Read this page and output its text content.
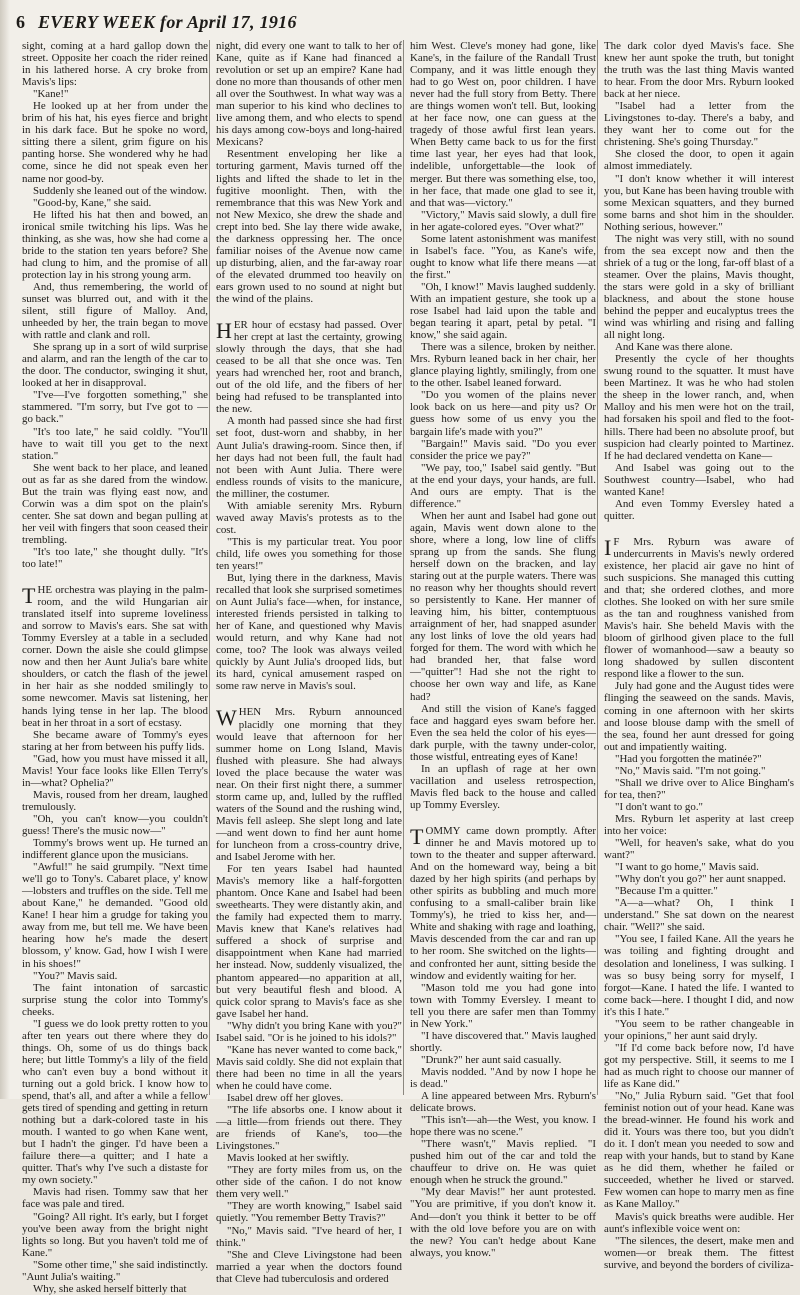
6 EVERY WEEK for April 17, 1916

sight, coming at a hard gallop down the street. Opposite her coach the rider reined in his lathered horse. A cry broke from Mavis's lips:

"Kane!"

He looked up at her from under the brim of his hat, his eyes fierce and bright in his dark face. But he spoke no word, sitting there a silent, grim figure on his panting horse. She wondered why he had come, since he did not speak even her name nor good-by.

Suddenly she leaned out of the window.

"Good-by, Kane," she said.

He lifted his hat then and bowed, an ironical smile twitching his lips. Was he thinking, as she was, how she had come a bride to the station ten years before? She had clung to him, and the promise of all protection lay in his strong young arm.

And, thus remembering, the world of sunset was blurred out, and with it the silent, still figure of Malloy. And, unheeded by her, the train began to move with rattle and clank and roll.

She sprang up in a sort of wild surprise and alarm, and ran the length of the car to the door. The conductor, swinging it shut, looked at her in disapproval.

"I've—I've forgotten something," she stammered. "I'm sorry, but I've got to —go back."

"It's too late," he said coldly. "You'll have to wait till you get to the next station."

She went back to her place, and leaned out as far as she dared from the window. But the train was flying east now, and Corwin was a dim spot on the plain's center. She sat down and began pulling at her veil with fingers that soon ceased their trembling.

"It's too late," she thought dully. "It's too late!"

THE orchestra was playing in the palm-room, and the wild Hungarian air translated itself into supreme loveliness and sorrow to Mavis's ears. She sat with Tommy Eversley at a table in a secluded corner. Down the aisle she could glimpse now and then her Aunt Julia's bare white shoulders, or catch the flash of the jewel in her hair as she nodded smilingly to some newcomer. Mavis sat listening, her hands lying tense in her lap. The blood beat in her throat in a sort of ecstasy.

She became aware of Tommy's eyes staring at her from between his puffy lids.

"Gad, how you must have missed it all, Mavis! Your face looks like Ellen Terry's in—what? Ophelia?"

Mavis, roused from her dream, laughed tremulously.

"Oh, you can't know—you couldn't guess! There's the music now—"

Tommy's brows went up. He turned an indifferent glance upon the musicians.

"Awful!" he said grumpily. "Next time we'll go to Tony's. Cabaret place, y' know—lobsters and truffles on the side. Tell me about Kane," he demanded. "Good old Kane! I hear him a grudge for taking you away from me, but tell me. We have been hearing how he's made the desert blossom, y' know. Gad, how I wish I were in his shoes!"

"You?" Mavis said.

The faint intonation of sarcastic surprise stung the color into Tommy's cheeks.

"I guess we do look pretty rotten to you after ten years out there where they do things. Oh, some of us do things back here; but little Tommy's a lily of the field who can't even buy a bond without it turning out a gold brick. I know how to spend, that's all, and after a while a fellow gets tired of spending and getting in return nothing but a dark-colored taste in his mouth. I wanted to go when Kane went, but I hadn't the ginger. I'd have been a failure there—a quitter; and I hate a quitter. That's why I've such a distaste for my own society."

Mavis had risen. Tommy saw that her face was pale and tired.

"Going? All right. It's early, but I forget you've been away from the bright night lights so long. But you haven't told me of Kane."

"Some other time," she said indistinctly. "Aunt Julia's waiting."

Why, she asked herself bitterly that

night, did every one want to talk to her of Kane, quite as if Kane had financed a revolution or set up an empire? Kane had done no more than thousands of other men all over the Southwest. In what way was a man superior to his kind who declines to live among them, and who elects to spend his days among cow-boys and long-haired Mexicans?

Resentment enveloping her like a torturing garment, Mavis turned off the lights and lifted the shade to let in the fugitive moonlight. Then, with the remembrance that this was New York and not New Mexico, she drew the shade and crept into bed. She lay there wide awake, the darkness oppressing her. The once familiar noises of the Avenue now came up disturbing, alien, and the far-away roar of the elevated drummed too heavily on ears grown used to no sound at night but the wind of the plains.

HER hour of ecstasy had passed. Over her crept at last the certainty, growing slowly through the days, that she had ceased to be all that she once was. Ten years had wrenched her, root and branch, out of the old life, and the fibers of her being had refused to be transplanted into the new.

A month had passed since she had first set foot, dust-worn and shabby, in her Aunt Julia's drawing-room. Since then, if her days had not been full, the fault had not been with Aunt Julia. There were endless rounds of visits to the manicure, the milliner, the costumer.

With amiable serenity Mrs. Ryburn waved away Mavis's protests as to the cost.

"This is my particular treat. You poor child, life owes you something for those ten years!"

But, lying there in the darkness, Mavis recalled that look she surprised sometimes on Aunt Julia's face—when, for instance, interested friends persisted in talking to her of Kane, and questioned why Mavis would return, and why Kane had not come, too? The look was always veiled quickly by Aunt Julia's drooped lids, but its hard, cynical amusement rasped on some raw nerve in Mavis's soul.

WHEN Mrs. Ryburn announced placidly one morning that they would leave that afternoon for her summer home on Long Island, Mavis flushed with pleasure. She had always loved the place because the water was near. On their first night there, a summer storm came up, and, lulled by the ruffled waters of the Sound and the rushing wind, Mavis fell asleep. She slept long and late—and went down to find her aunt home for luncheon from a cross-country drive, and Isabel Jerome with her.

For ten years Isabel had haunted Mavis's memory like a half-forgotten phantom. Once Kane and Isabel had been sweethearts. They were distantly akin, and the family had expected them to marry. Mavis knew that Kane's relatives had suffered a shock of surprise and disappointment when Kane had married her instead. Now, suddenly visualized, the phantom appeared—no apparition at all, but very beautiful flesh and blood. A quick color sprang to Mavis's face as she gave Isabel her hand.

"Why didn't you bring Kane with you?" Isabel said. "Or is he joined to his idols?"

"Kane has never wanted to come back," Mavis said coldly. She did not explain that there had been no time in all the years when he could have come.

Isabel drew off her gloves.

"The life absorbs one. I know about it—a little—from friends out there. They are friends of Kane's, too—the Livingstones."

Mavis looked at her swiftly.

"They are forty miles from us, on the other side of the cañon. I do not know them very well."

"They are worth knowing," Isabel said quietly. "You remember Betty Travis?"

"No," Mavis said. "I've heard of her, I think."

"She and Cleve Livingstone had been married a year when the doctors found that Cleve had tuberculosis and ordered

him West. Cleve's money had gone, like Kane's, in the failure of the Randall Trust Company, and it was little enough they had to go West on, poor children. I have never had the full story from Betty. There are things women won't tell. But, looking at her face now, one can guess at the tragedy of those awful first lean years. When Betty came back to us for the first time last year, her eyes had that look, indelible, unforgettable—the look of merger. But there was something else, too, in her face, that made one glad to see it, and that was—victory."

"Victory," Mavis said slowly, a dull fire in her agate-colored eyes. "Over what?"

Some latent astonishment was manifest in Isabel's face. "You, as Kane's wife, ought to know what life there means —at the first."

"Oh, I know!" Mavis laughed suddenly. With an impatient gesture, she took up a rose Isabel had laid upon the table and began tearing it apart, petal by petal. "I know," she said again.

There was a silence, broken by neither. Mrs. Ryburn leaned back in her chair, her glance playing lightly, smilingly, from one to the other. Isabel leaned forward.

"Do you women of the plains never look back on us here—and pity us? Or guess how some of us envy you the bargain life's made with you?"

"Bargain!" Mavis said. "Do you ever consider the price we pay?"

"We pay, too," Isabel said gently. "But at the end your days, your hands, are full. And ours are empty. That is the difference."

When her aunt and Isabel had gone out again, Mavis went down alone to the shore, where a long, low line of cliffs sprang up from the sands. She flung herself down on the bracken, and lay staring out at the purple waters. There was no reason why her thoughts should revert so persistently to Kane. Her manner of leaving him, his bitter, contemptuous arraignment of her, had snapped asunder any lost links of love the old years had forged for them. The word with which he had branded her, that false word—"quitter"! Had she not the right to choose her own way and life, as Kane had?

And still the vision of Kane's fagged face and haggard eyes swam before her. Even the sea held the color of his eyes—dark purple, with the tawny under-color, those wistful, entreating eyes of Kane!

In an upflash of rage at her own vacillation and useless retrospection, Mavis fled back to the house and called up Tommy Eversley.

TOMMY came down promptly. After dinner he and Mavis motored up to town to the theater and supper afterward. And on the homeward way, being a bit dazed by her high spirits (and perhaps by other spirits as bubbling and much more confusing to a small-caliber brain like Tommy's), he tried to kiss her, and— White and shaking with rage and loathing, Mavis descended from the car and ran up to her room. She switched on the lights—and confronted her aunt, sitting beside the window and evidently waiting for her.

"Mason told me you had gone into town with Tommy Eversley. I meant to tell you there are safer men than Tommy in New York."

"I have discovered that." Mavis laughed shortly.

"Drunk?" her aunt said casually.

Mavis nodded. "And by now I hope he is dead."

A line appeared between Mrs. Ryburn's delicate brows.

"This isn't—ah—the West, you know. I hope there was no scene."

"There wasn't," Mavis replied. "I pushed him out of the car and told the chauffeur to drive on. He was quiet enough when he struck the ground."

"My dear Mavis!" her aunt protested. "You are primitive, if you don't know it. And—don't you think it better to be off with the old love before you are on with the new? You can't hedge about Kane always, you know."

The dark color dyed Mavis's face. She knew her aunt spoke the truth, but tonight the truth was the last thing Mavis wanted to hear. From the door Mrs. Ryburn looked back at her niece.

"Isabel had a letter from the Livingstones to-day. There's a baby, and they want her to come out for the christening. She's going Thursday."

She closed the door, to open it again almost immediately.

"I don't know whether it will interest you, but Kane has been having trouble with some Mexican squatters, and they burned some barns and shot him in the shoulder. Nothing serious, however."

The night was very still, with no sound from the sea except now and then the shriek of a tug or the long, far-off blast of a steamer. Over the plains, Mavis thought, the stars were gold in a sky of brilliant blackness, and about the stone house behind the pepper and eucalyptus trees the wind was whirling and rising and falling all night long.

And Kane was there alone.

Presently the cycle of her thoughts swung round to the squatter. It must have been Martinez. It was he who had stolen the sheep in the lower ranch, and, when Malloy and his men were hot on the trail, had forsaken his spoil and fled to the foot-hills. There had been no absolute proof, but suspicion had clearly pointed to Martinez. If he had declared vendetta on Kane—

And Isabel was going out to the Southwest country—Isabel, who had wanted Kane!

And even Tommy Eversley hated a quitter.

I F Mrs. Ryburn was aware of undercurrents in Mavis's newly ordered existence, her placid air gave no hint of such suspicions. She managed this cutting and that; she ordered clothes, and more clothes. She looked on with her sure smile as the tan and roughness vanished from Mavis's hair. She beheld Mavis with the bloom of girlhood given place to the full flower of womanhood—saw a beauty so long shadowed by sullen discontent respond like a flower to the sun.

July had gone and the August tides were flinging the seaweed on the sands. Mavis, coming in one afternoon with her skirts and loose blouse damp with the smell of the sea, found her aunt dressed for going out and impatiently waiting.

"Had you forgotten the matinée?"

"No," Mavis said. "I'm not going."

"Shall we drive over to Alice Bingham's for tea, then?"

"I don't want to go."

Mrs. Ryburn let asperity at last creep into her voice:

"Well, for heaven's sake, what do you want?"

"I want to go home," Mavis said.

"Why don't you go?" her aunt snapped.

"Because I'm a quitter."

"A—a—what? Oh, I think I understand." She sat down on the nearest chair. "Well?" she said.

"You see, I failed Kane. All the years he was toiling and fighting drought and desolation and loneliness, I was sulking. I was so busy being sorry for myself, I forgot—Kane. I hated the life. I wanted to come back—here. I thought I did, and now it's this I hate."

"You seem to be rather changeable in your opinions," her aunt said dryly.

"If I'd come back before now, I'd have got my perspective. Still, it seems to me I had as much right to choose our manner of life as Kane did."

"No," Julia Ryburn said. "Get that fool feminist notion out of your head. Kane was the bread-winner. He found his work and did it. Yours was there too, but you didn't do it. I don't mean you needed to sow and reap with your hands, but to stand by Kane as he did them, whether he failed or succeeded, whether he lived or starved. Few women can hope to marry men as fine as Kane Malloy."

Mavis's quick breaths were audible. Her aunt's inflexible voice went on:

"The silences, the desert, make men and women—or break them. The fittest survive, and beyond the borders of civiliza-
